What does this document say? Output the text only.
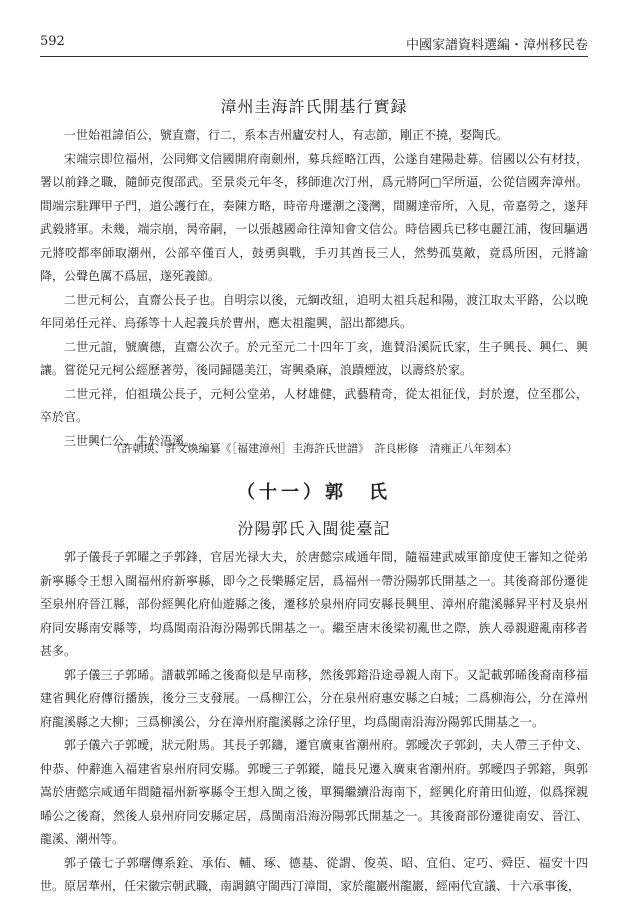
592	中國家譜資料選編・漳州移民卷
漳州圭海許氏開基行實録

一世始祖諱佰公，號直齋，行二，系本吉州廬安村人，有志節，剛正不撓，娶陶氏。

宋端宗即位福州，公同鄉文信國開府南劍州，募兵經略江西，公遂自建陽赴募。信國以公有材技，署以前鋒之職，隨師克復邵武。至景炎元年冬，移師進次汀州，爲元將阿□罕所逼，公從信國奔漳州。間端宗駐蹕甲子門，道公護行在，奏陳方略，時帝舟遷潮之淺灣，間關達帝所，入見，帝嘉勞之，遂拜武毅將軍。未幾，端宗崩，昺帝嗣，一以張越國命往漳知會文信公。時信國兵已移屯麗江浦，復回驅遇元將咬都率師取潮州，公部卒僅百人，鼓勇與戰，手刃其酋長三人，然勢孤莫敵，竟爲所困，元將諭降，公聲色厲不爲屈，遂死義節。

二世元柯公，直齋公長子也。自明宗以後，元綱改紐，追明太祖兵起和陽，渡江取太平路，公以晚年同弟任元祥、烏孫等十人起義兵於曹州，應太祖龍興，詔出都總兵。

二世元誼，號廣德，直齋公次子。於元至元二十四年丁亥，進賛沿溪阮氏家，生子興長、興仁、興讓。嘗從兄元柯公經歷著勞，後同歸隱美江，寄興桑麻，浪蹟煙波，以壽終於家。

二世元祥，伯祖璜公長子，元柯公堂弟，人材雄健，武藝精奇，從太祖征伐，封於遼，位至郡公，卒於官。

三世興仁公，生於浯溪。

（許朝瑛、許文煥編纂《［福建漳州］圭海許氏世譜》　許良彬修　清雍正八年刻本）
（十一）郭　氏
汾陽郭氏入閩徙臺記

郭子儀長子郭曜之子郭鋒，官居光禄大夫，於唐懿宗咸通年間，隨福建武威軍節度使王審知之從弟新寧縣令王想入閩福州府新寧縣，即今之長樂縣定居，爲福州一帶汾陽郭氏開基之一。其後裔部份遷徙至泉州府晉江縣，部份經興化府仙遊縣之後，遷移於泉州府同安縣長興里、漳州府龍溪縣昇平村及泉州府同安縣南安縣等，均爲閩南沿海汾陽郭氏開基之一。繼至唐末後梁初亂世之際，族人尋親避亂南移者甚多。

郭子儀三子郭晞。譜載郭晞之後裔似是早南移，然後郭鎔沿途尋親人南下。又記載郭晞後裔南移福建省興化府傳衍播族，後分三支發展。一爲柳江公，分在泉州府惠安縣之白城；二爲柳海公，分在漳州府龍溪縣之大柳；三爲柳溪公，分在漳州府龍溪縣之涂仔里，均爲閩南沿海汾陽郭氏開基之一。

郭子儀六子郭曖，狀元附馬。其長子郭鑄，遷官廣東省潮州府。郭曖次子郭釗，夫人帶三子仲文、仲恭、仲辭進入福建省泉州府同安縣。郭曖三子郭鏦，隨長兄遷入廣東省潮州府。郭曖四子郭鎔，與郭嵩於唐懿宗咸通年間隨福州新寧縣令王想入閩之後，單獨繼續沿海南下，經興化府莆田仙遊，似爲探親晞公之後裔，然後人泉州府同安縣定居，爲閩南沿海汾陽郭氏開基之一。其後裔部份遷徙南安、晉江、龍溪、潮州等。

郭子儀七子郭曙傳系銓、承佑、輔、琢、德基、從謂、俊英、昭、宜伯、定巧、舜臣、福安十四世。原居華州，任宋徽宗朝武職，南調鎮守閩西汀漳間，家於龍巖州龍巖，經兩代宣議、十六承事後，
